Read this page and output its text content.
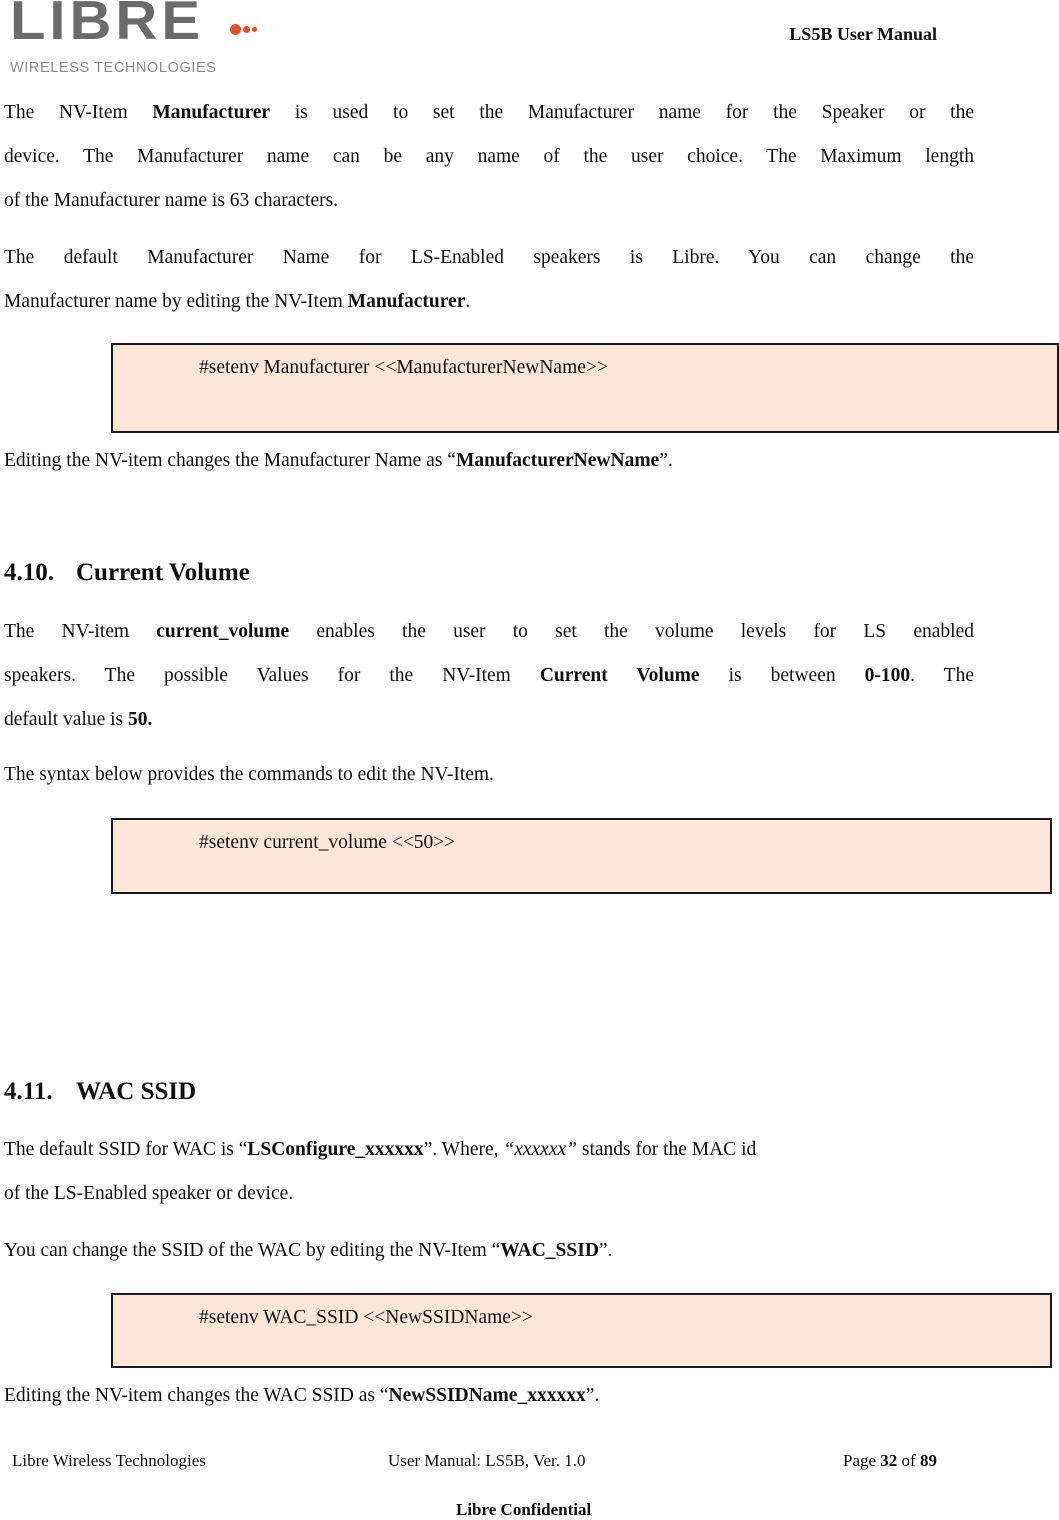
LIBRE
WIRELESS TECHNOLOGIES
LS5B User Manual
The NV-Item Manufacturer is used to set the Manufacturer name for the Speaker or the
device. The Manufacturer name can be any name of the user choice. The Maximum length
of the Manufacturer name is 63 characters.
The default Manufacturer Name for LS-Enabled speakers is Libre. You can change the
Manufacturer name by editing the NV-Item Manufacturer.
#setenv Manufacturer <<ManufacturerNewName>>
Editing the NV-item changes the Manufacturer Name as “ManufacturerNewName”.
4.10. Current Volume
The NV-item current_volume enables the user to set the volume levels for LS enabled
speakers. The possible Values for the NV-Item Current Volume is between 0-100. The
default value is 50.
The syntax below provides the commands to edit the NV-Item.
#setenv current_volume <<50>>
4.11. WAC SSID
The default SSID for WAC is “LSConfigure_xxxxxx”. Where, “xxxxxx” stands for the MAC id
of the LS-Enabled speaker or device.
You can change the SSID of the WAC by editing the NV-Item “WAC_SSID”.
#setenv WAC_SSID <<NewSSIDName>>
Editing the NV-item changes the WAC SSID as “NewSSIDName_xxxxxx”.
Libre Wireless Technologies	User Manual: LS5B, Ver. 1.0	Page 32 of 89
Libre Confidential
